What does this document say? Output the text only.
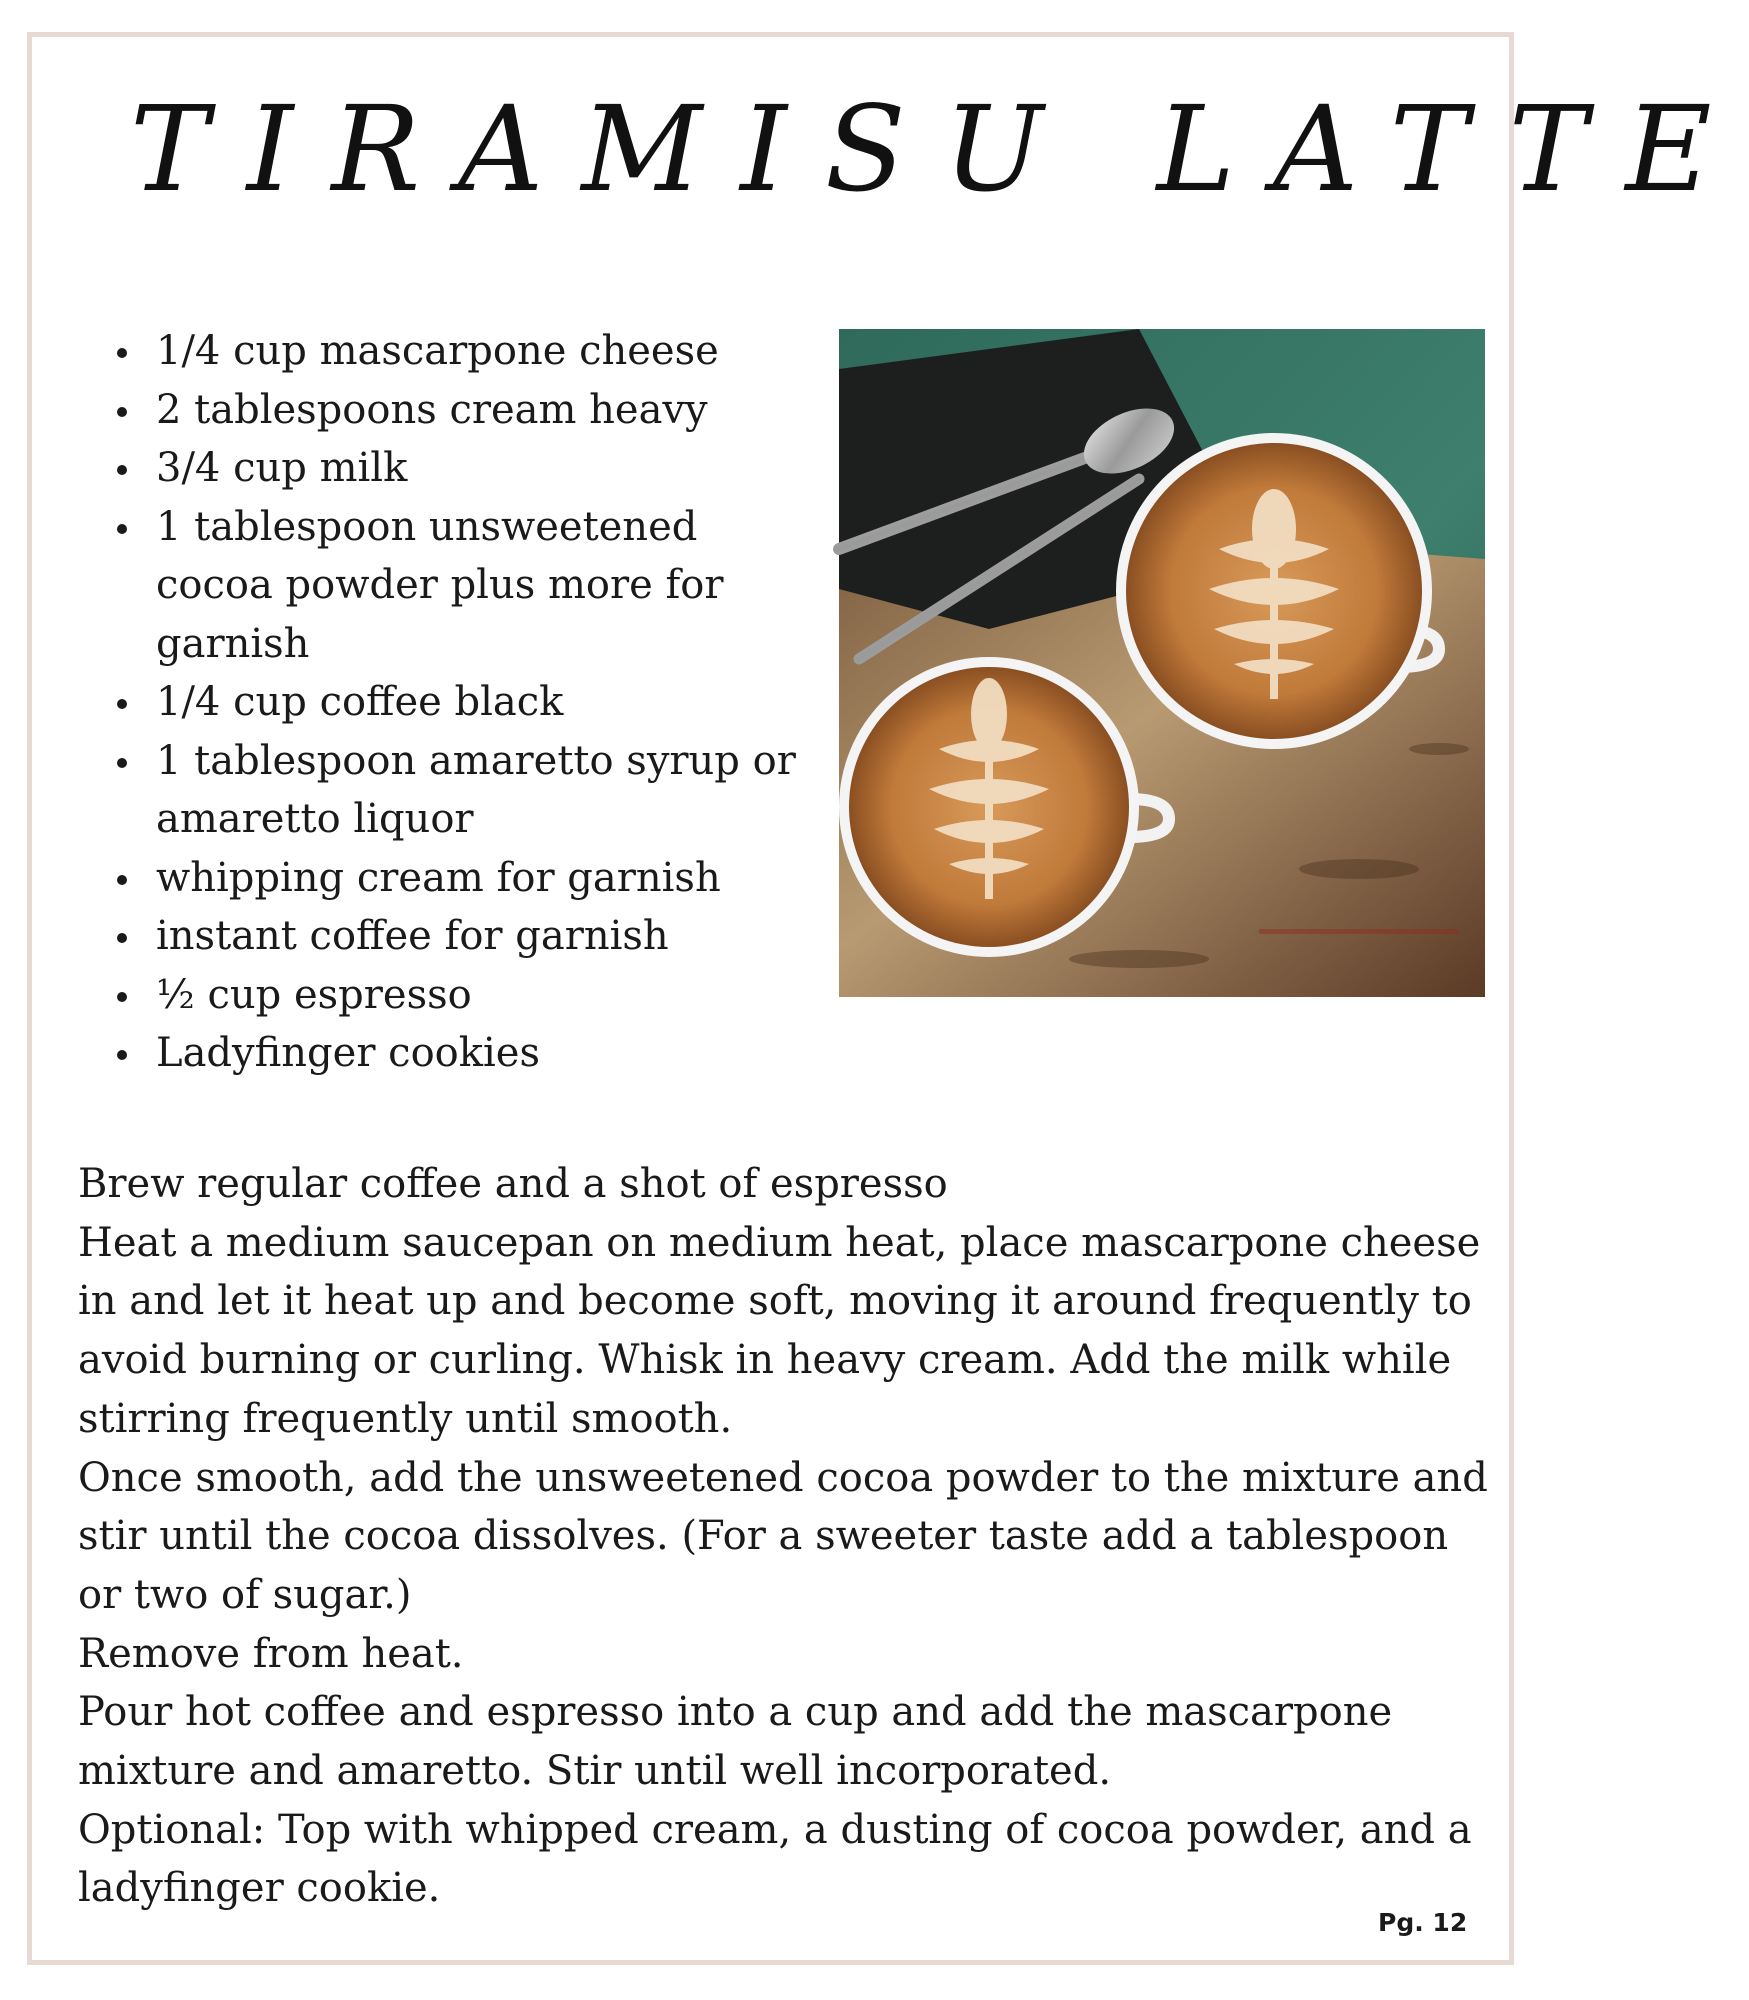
TIRAMISU LATTE
1/4 cup mascarpone cheese
2 tablespoons cream heavy
3/4 cup milk
1 tablespoon unsweetened cocoa powder plus more for garnish
1/4 cup coffee black
1 tablespoon amaretto syrup or amaretto liquor
whipping cream for garnish
instant coffee for garnish
½ cup espresso
Ladyfinger cookies

Brew regular coffee and a shot of espresso

Heat a medium saucepan on medium heat, place mascarpone cheese in and let it heat up and become soft, moving it around frequently to avoid burning or curling. Whisk in heavy cream. Add the milk while stirring frequently until smooth.

Once smooth, add the unsweetened cocoa powder to the mixture and stir until the cocoa dissolves. (For a sweeter taste add a tablespoon or two of sugar.)

Remove from heat.

Pour hot coffee and espresso into a cup and add the mascarpone mixture and amaretto. Stir until well incorporated.

Optional: Top with whipped cream, a dusting of cocoa powder, and a ladyfinger cookie.

Pg. 12
